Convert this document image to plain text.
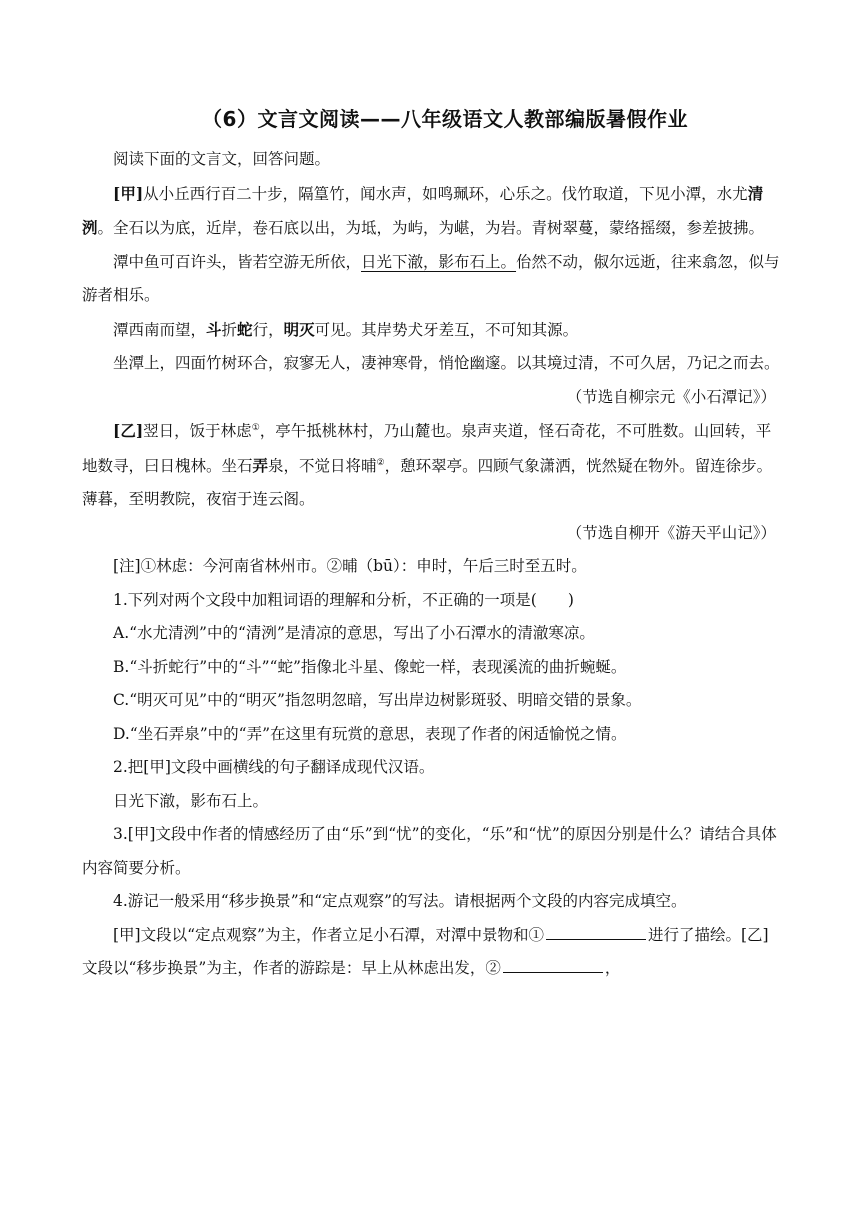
（6）文言文阅读——八年级语文人教部编版暑假作业

阅读下面的文言文，回答问题。

[甲]从小丘西行百二十步，隔篁竹，闻水声，如鸣珮环，心乐之。伐竹取道，下见小潭，水尤清洌。全石以为底，近岸，卷石底以出，为坻，为屿，为嵁，为岩。青树翠蔓，蒙络摇缀，参差披拂。

潭中鱼可百许头，皆若空游无所依，日光下澈，影布石上。佁然不动，俶尔远逝，往来翕忽，似与游者相乐。

潭西南而望，斗折蛇行，明灭可见。其岸势犬牙差互，不可知其源。

坐潭上，四面竹树环合，寂寥无人，凄神寒骨，悄怆幽邃。以其境过清，不可久居，乃记之而去。

（节选自柳宗元《小石潭记》）

[乙]翌日，饭于林虑①，亭午抵桃林村，乃山麓也。泉声夹道，怪石奇花，不可胜数。山回转，平地数寻，曰日槐林。坐石弄泉，不觉日将晡②，憩环翠亭。四顾气象潇洒，恍然疑在物外。留连徐步。薄暮，至明教院，夜宿于连云阁。

（节选自柳开《游天平山记》）

[注]①林虑：今河南省林州市。②晡（bū）：申时，午后三时至五时。

1.下列对两个文段中加粗词语的理解和分析，不正确的一项是(　　)

A.“水尤清洌”中的“清洌”是清凉的意思，写出了小石潭水的清澈寒凉。

B.“斗折蛇行”中的“斗”“蛇”指像北斗星、像蛇一样，表现溪流的曲折蜿蜒。

C.“明灭可见”中的“明灭”指忽明忽暗，写出岸边树影斑驳、明暗交错的景象。

D.“坐石弄泉”中的“弄”在这里有玩赏的意思，表现了作者的闲适愉悦之情。

2.把[甲]文段中画横线的句子翻译成现代汉语。

日光下澈，影布石上。

3.[甲]文段中作者的情感经历了由“乐”到“忧”的变化，“乐”和“忧”的原因分别是什么？请结合具体内容简要分析。

4.游记一般采用“移步换景”和“定点观察”的写法。请根据两个文段的内容完成填空。

[甲]文段以“定点观察”为主，作者立足小石潭，对潭中景物和①	进行了描绘。[乙]文段以“移步换景”为主，作者的游踪是：早上从林虑出发，②	，
